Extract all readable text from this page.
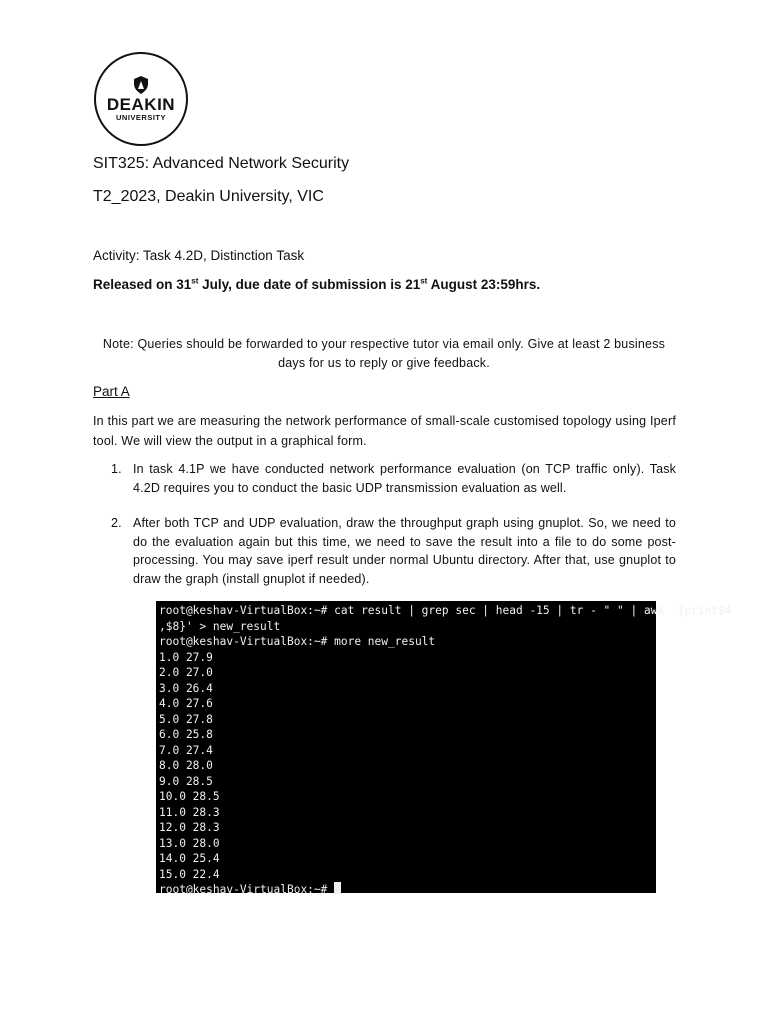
DEAKIN
UNIVERSITY
SIT325: Advanced Network Security
T2_2023, Deakin University, VIC
Activity: Task 4.2D, Distinction Task
Released on 31st July, due date of submission is 21st August 23:59hrs.
Note: Queries should be forwarded to your respective tutor via email only. Give at least 2 business days for us to reply or give feedback.
Part A
In this part we are measuring the network performance of small-scale customised topology using Iperf tool. We will view the output in a graphical form.
1. In task 4.1P we have conducted network performance evaluation (on TCP traffic only). Task 4.2D requires you to conduct the basic UDP transmission evaluation as well.
2. After both TCP and UDP evaluation, draw the throughput graph using gnuplot. So, we need to do the evaluation again but this time, we need to save the result into a file to do some post-processing. You may save iperf result under normal Ubuntu directory. After that, use gnuplot to draw the graph (install gnuplot if needed).
root@keshav-VirtualBox:~# cat result | grep sec | head -15 | tr - " " | awk '{print$4
,$8}' > new_result
root@keshav-VirtualBox:~# more new_result
1.0 27.9
2.0 27.0
3.0 26.4
4.0 27.6
5.0 27.8
6.0 25.8
7.0 27.4
8.0 28.0
9.0 28.5
10.0 28.5
11.0 28.3
12.0 28.3
13.0 28.0
14.0 25.4
15.0 22.4
root@keshav-VirtualBox:~#
